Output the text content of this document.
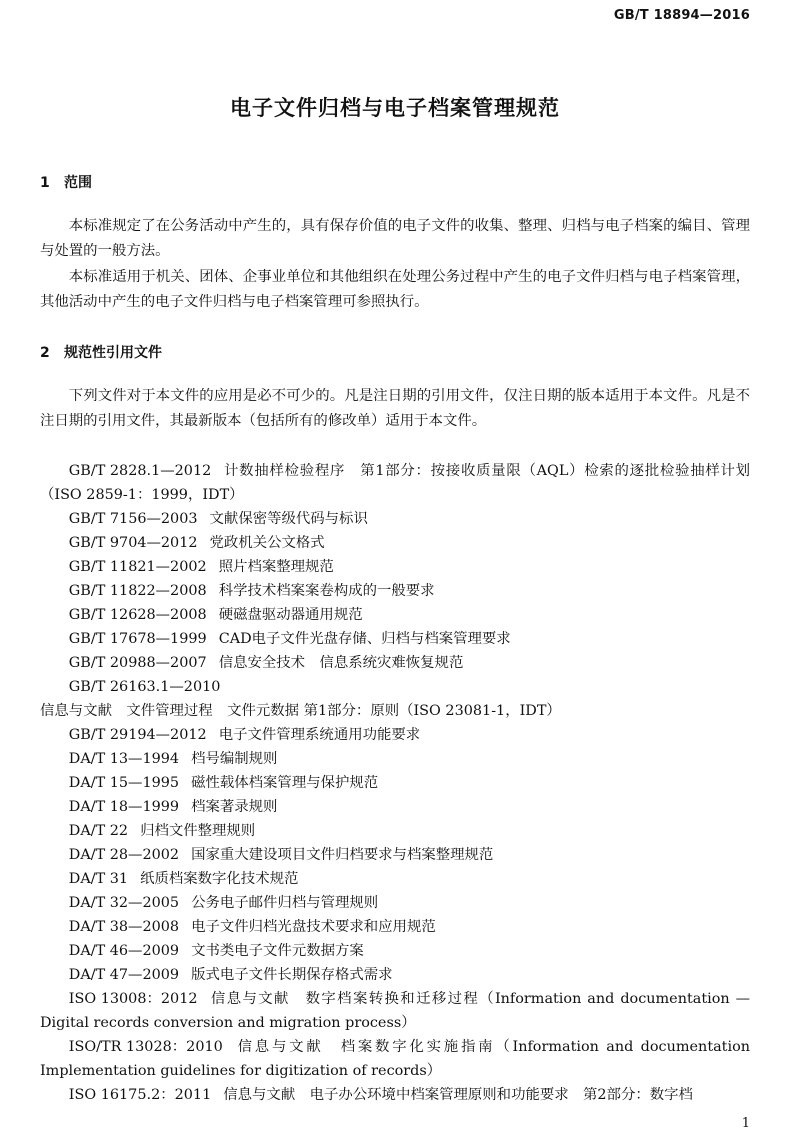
GB/T 18894—2016
电子文件归档与电子档案管理规范
1 范围

本标准规定了在公务活动中产生的，具有保存价值的电子文件的收集、整理、归档与电子档案的编目、管理与处置的一般方法。

本标准适用于机关、团体、企事业单位和其他组织在处理公务过程中产生的电子文件归档与电子档案管理，其他活动中产生的电子文件归档与电子档案管理可参照执行。

2 规范性引用文件

下列文件对于本文件的应用是必不可少的。凡是注日期的引用文件，仅注日期的版本适用于本文件。凡是不注日期的引用文件，其最新版本（包括所有的修改单）适用于本文件。

GB/T 2828.1—2012 计数抽样检验程序　第1部分：按接收质量限（AQL）检索的逐批检验抽样计划（ISO 2859-1：1999，IDT）
GB/T 7156—2003 文献保密等级代码与标识
GB/T 9704—2012 党政机关公文格式
GB/T 11821—2002 照片档案整理规范
GB/T 11822—2008 科学技术档案案卷构成的一般要求
GB/T 12628—2008 硬磁盘驱动器通用规范
GB/T 17678—1999 CAD电子文件光盘存储、归档与档案管理要求
GB/T 20988—2007 信息安全技术　信息系统灾难恢复规范
GB/T 26163.1—2010信息与文献　文件管理过程　文件元数据 第1部分：原则（ISO 23081-1，IDT）
GB/T 29194—2012 电子文件管理系统通用功能要求
DA/T 13—1994 档号编制规则
DA/T 15—1995 磁性载体档案管理与保护规范
DA/T 18—1999 档案著录规则
DA/T 22 归档文件整理规则
DA/T 28—2002 国家重大建设项目文件归档要求与档案整理规范
DA/T 31 纸质档案数字化技术规范
DA/T 32—2005 公务电子邮件归档与管理规则
DA/T 38—2008 电子文件归档光盘技术要求和应用规范
DA/T 46—2009 文书类电子文件元数据方案
DA/T 47—2009 版式电子文件长期保存格式需求
ISO 13008：2012 信息与文献　数字档案转换和迁移过程（Information and documentation — Digital records conversion and migration process）
ISO/TR 13028：2010 信息与文献　档案数字化实施指南（Information and documentation Implementation guidelines for digitization of records）
ISO 16175.2：2011 信息与文献　电子办公环境中档案管理原则和功能要求　第2部分：数字档
1
